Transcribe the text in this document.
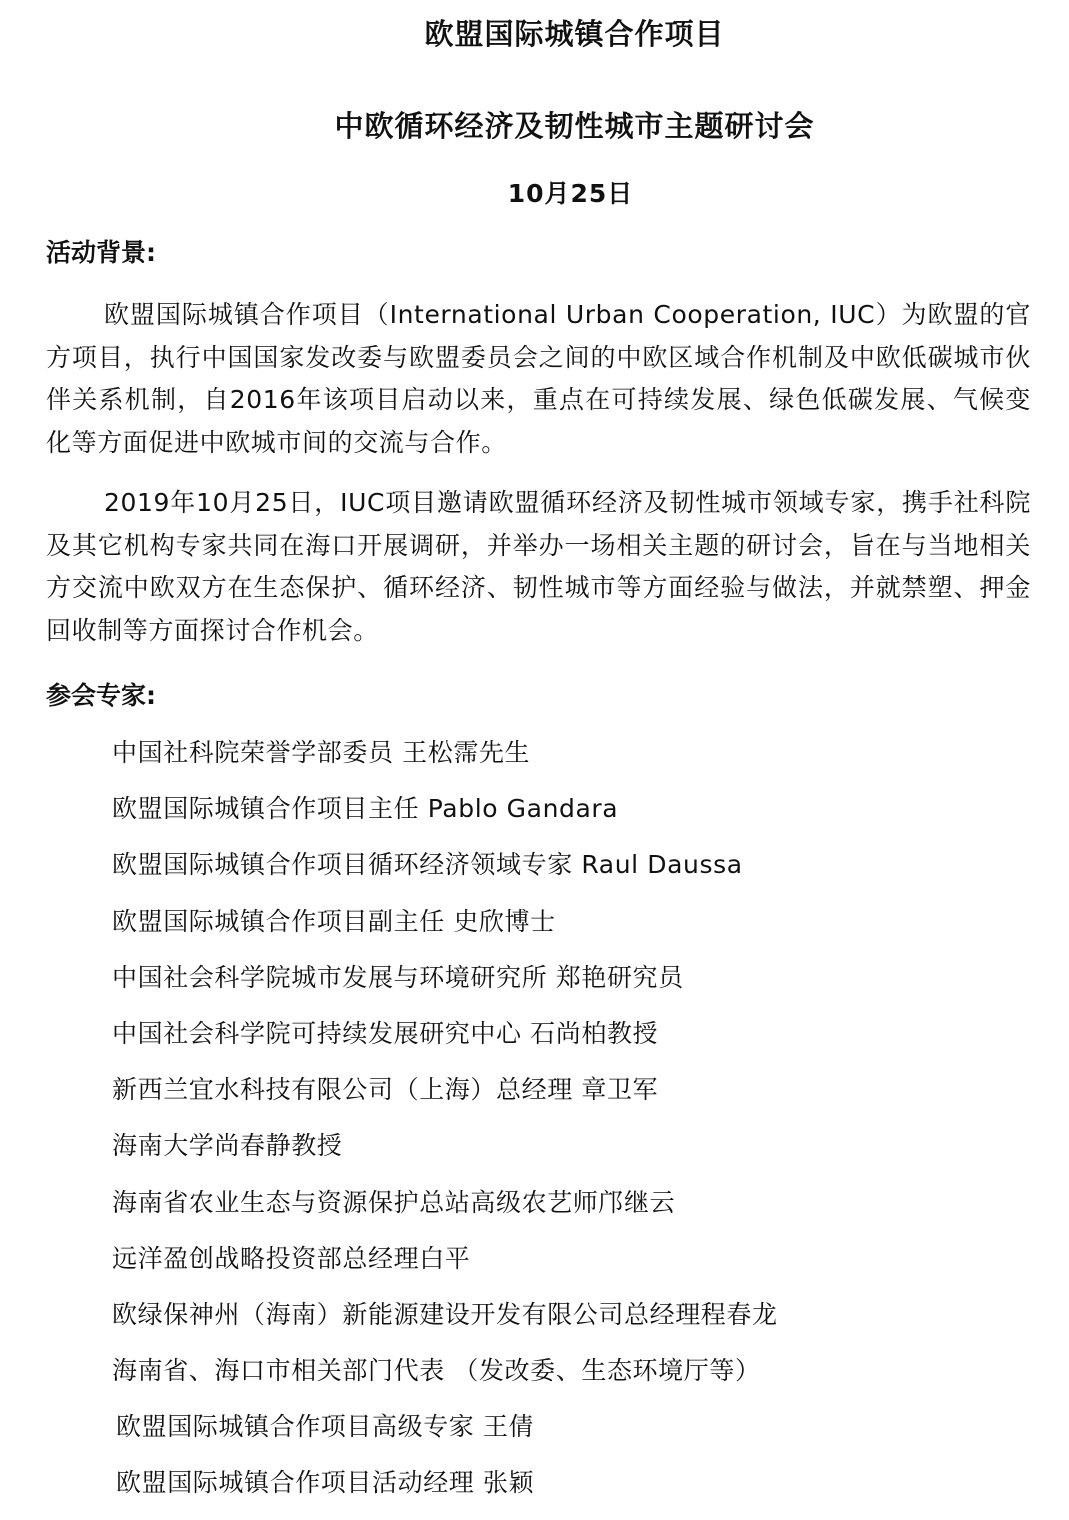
欧盟国际城镇合作项目
中欧循环经济及韧性城市主题研讨会
10月25日
活动背景:

欧盟国际城镇合作项目（International Urban Cooperation, IUC）为欧盟的官方项目，执行中国国家发改委与欧盟委员会之间的中欧区域合作机制及中欧低碳城市伙伴关系机制，自2016年该项目启动以来，重点在可持续发展、绿色低碳发展、气候变化等方面促进中欧城市间的交流与合作。

2019年10月25日，IUC项目邀请欧盟循环经济及韧性城市领域专家，携手社科院及其它机构专家共同在海口开展调研，并举办一场相关主题的研讨会，旨在与当地相关方交流中欧双方在生态保护、循环经济、韧性城市等方面经验与做法，并就禁塑、押金回收制等方面探讨合作机会。

参会专家:
中国社科院荣誉学部委员 王松霈先生
欧盟国际城镇合作项目主任 Pablo Gandara
欧盟国际城镇合作项目循环经济领域专家 Raul Daussa
欧盟国际城镇合作项目副主任 史欣博士
中国社会科学院城市发展与环境研究所 郑艳研究员
中国社会科学院可持续发展研究中心 石尚柏教授
新西兰宜水科技有限公司（上海）总经理 章卫军
海南大学尚春静教授
海南省农业生态与资源保护总站高级农艺师邝继云
远洋盈创战略投资部总经理白平
欧绿保神州（海南）新能源建设开发有限公司总经理程春龙
海南省、海口市相关部门代表 （发改委、生态环境厅等）
欧盟国际城镇合作项目高级专家 王倩
欧盟国际城镇合作项目活动经理 张颖
